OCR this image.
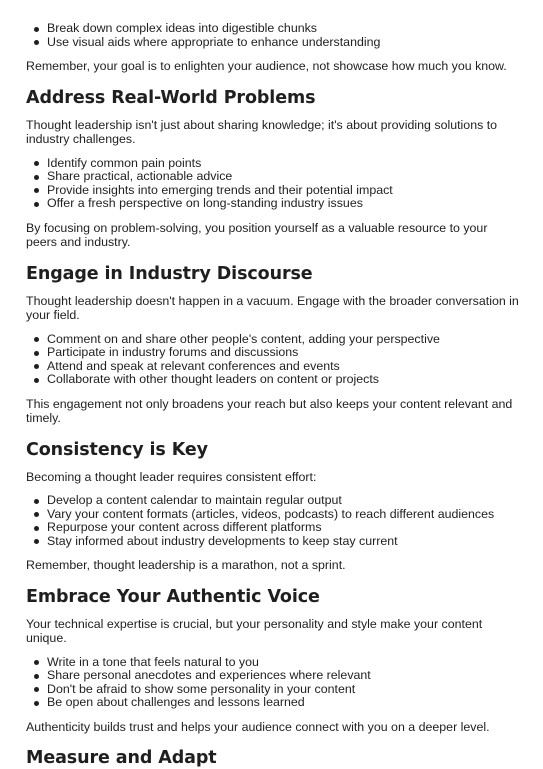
Break down complex ideas into digestible chunks
Use visual aids where appropriate to enhance understanding

Remember, your goal is to enlighten your audience, not showcase how much you know.

Address Real-World Problems

Thought leadership isn't just about sharing knowledge; it's about providing solutions to industry challenges.

Identify common pain points
Share practical, actionable advice
Provide insights into emerging trends and their potential impact
Offer a fresh perspective on long-standing industry issues

By focusing on problem-solving, you position yourself as a valuable resource to your peers and industry.

Engage in Industry Discourse

Thought leadership doesn't happen in a vacuum. Engage with the broader conversation in your field.

Comment on and share other people's content, adding your perspective
Participate in industry forums and discussions
Attend and speak at relevant conferences and events
Collaborate with other thought leaders on content or projects

This engagement not only broadens your reach but also keeps your content relevant and timely.

Consistency is Key

Becoming a thought leader requires consistent effort:

Develop a content calendar to maintain regular output
Vary your content formats (articles, videos, podcasts) to reach different audiences
Repurpose your content across different platforms
Stay informed about industry developments to keep stay current

Remember, thought leadership is a marathon, not a sprint.

Embrace Your Authentic Voice

Your technical expertise is crucial, but your personality and style make your content unique.

Write in a tone that feels natural to you
Share personal anecdotes and experiences where relevant
Don't be afraid to show some personality in your content
Be open about challenges and lessons learned

Authenticity builds trust and helps your audience connect with you on a deeper level.

Measure and Adapt
